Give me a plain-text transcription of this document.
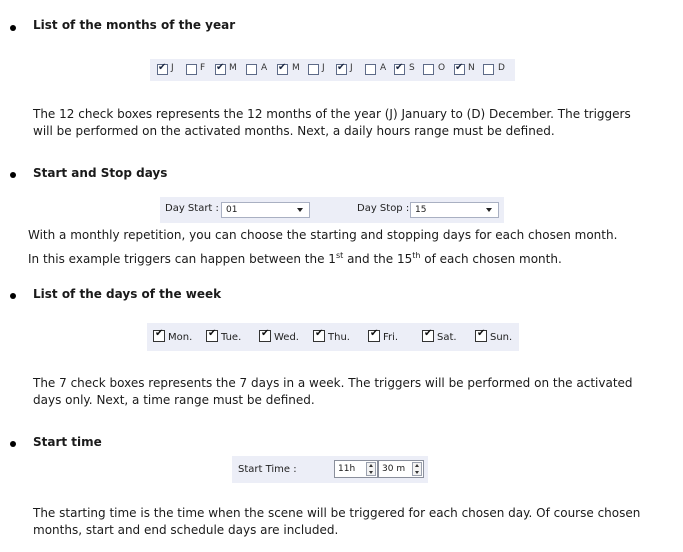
List of the months of the year
✔
J	F ✔	M	A ✔	M J ✔	J	A ✔	S	O ✔	N	D
The 12 check boxes represents the 12 months of the year (J) January to (D) December. The triggers will be performed on the activated months. Next, a daily hours range must be defined.
Start and Stop days
Day Start : 01	Day Stop : 15
With a monthly repetition, you can choose the starting and stopping days for each chosen month.
In this example triggers can happen between the 1st and the 15th of each chosen month.
List of the days of the week
✔Mon. ✔	Tue. ✔	Wed. ✔	Thu. ✔	Fri. ✔	Sat. ✔	Sun.
The 7 check boxes represents the 7 days in a week. The triggers will be performed on the activated days only. Next, a time range must be defined.
Start time
Start Time :	11h	30 m
The starting time is the time when the scene will be triggered for each chosen day. Of course chosen months, start and end schedule days are included.
